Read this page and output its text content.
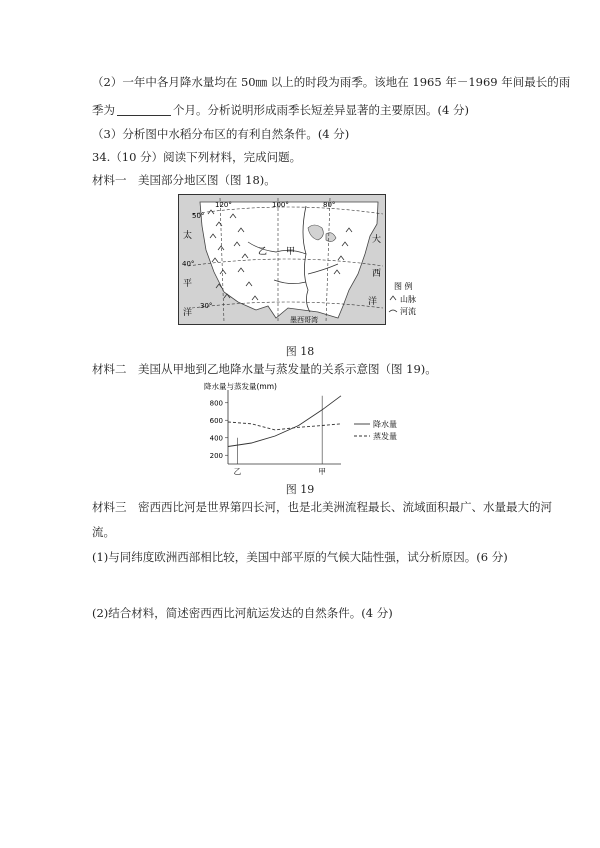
（2）一年中各月降水量均在 50㎜ 以上的时段为雨季。该地在 1965 年－1969 年间最长的雨
季为	个月。分析说明形成雨季长短差异显著的主要原因。(4 分)
（3）分析图中水稻分布区的有利自然条件。(4 分)
34.（10 分）阅读下列材料，完成问题。
材料一　美国部分地区图（图 18)。
120°	100°	80°
50°
40°
30°
太
平
洋
大
西
洋
乙 甲
墨西哥湾
图 例
山脉
河流
图 18
材料二　美国从甲地到乙地降水量与蒸发量的关系示意图（图 19)。
降水量与蒸发量(mm)
200
400
600
800
乙	甲
降水量
蒸发量
图 19
材料三　密西西比河是世界第四长河，也是北美洲流程最长、流域面积最广、水量最大的河
流。
(1)与同纬度欧洲西部相比较，美国中部平原的气候大陆性强，试分析原因。(6 分)
(2)结合材料，简述密西西比河航运发达的自然条件。(4 分)
